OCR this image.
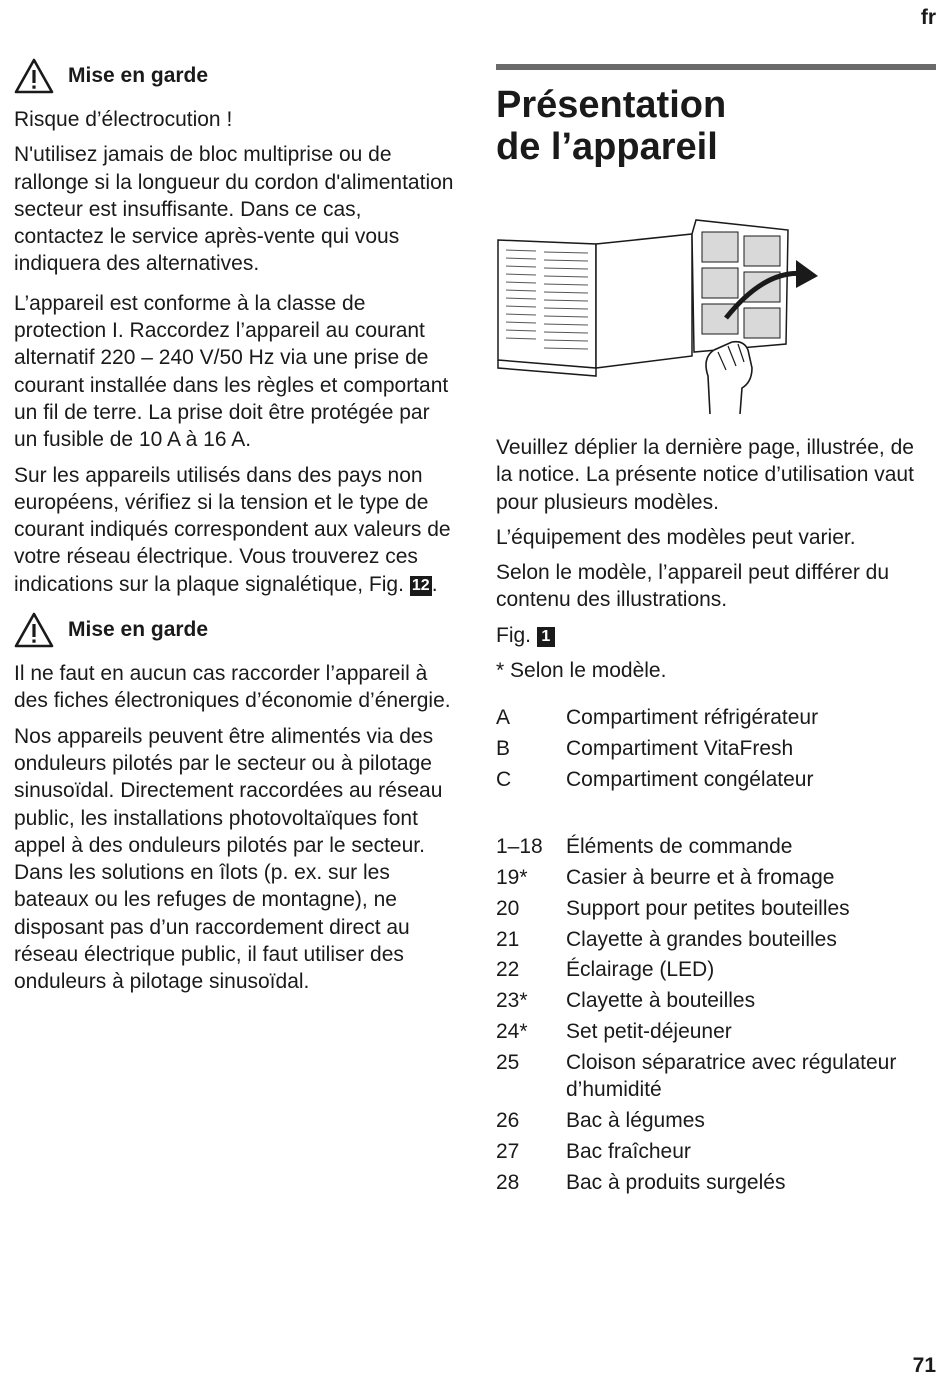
fr
Mise en garde

Risque d’électrocution !

N'utilisez jamais de bloc multiprise ou de rallonge si la longueur du cordon d'alimentation secteur est insuffisante. Dans ce cas, contactez le service après-vente qui vous indiquera des alternatives.

L’appareil est conforme à la classe de protection I. Raccordez l’appareil au courant alternatif 220 – 240 V/50 Hz via une prise de courant installée dans les règles et comportant un fil de terre. La prise doit être protégée par un fusible de 10 A à 16 A.

Sur les appareils utilisés dans des pays non européens, vérifiez si la tension et le type de courant indiqués correspondent aux valeurs de votre réseau électrique. Vous trouverez ces indications sur la plaque signalétique, Fig. 12 .

Mise en garde

Il ne faut en aucun cas raccorder l’appareil à des fiches électroniques d’économie d’énergie.

Nos appareils peuvent être alimentés via des onduleurs pilotés par le secteur ou à pilotage sinusoïdal. Directement raccordées au réseau public, les installations photovoltaïques font appel à des onduleurs pilotés par le secteur. Dans les solutions en îlots (p. ex. sur les bateaux ou les refuges de montagne), ne disposant pas d’un raccordement direct au réseau électrique public, il faut utiliser des onduleurs à pilotage sinusoïdal.

Présentation
de l’appareil

Veuillez déplier la dernière page, illustrée, de la notice. La présente notice d’utilisation vaut pour plusieurs modèles.

L’équipement des modèles peut varier.

Selon le modèle, l’appareil peut différer du contenu des illustrations.

Fig. 1

* Selon le modèle.

A	Compartiment réfrigérateur
B	Compartiment VitaFresh
C	Compartiment congélateur
1–18	Éléments de commande
19*	Casier à beurre et à fromage
20	Support pour petites bouteilles
21	Clayette à grandes bouteilles
22	Éclairage (LED)
23*	Clayette à bouteilles
24*	Set petit-déjeuner
25	Cloison séparatrice avec régulateur d’humidité
26	Bac à légumes
27	Bac fraîcheur
28	Bac à produits surgelés
71
